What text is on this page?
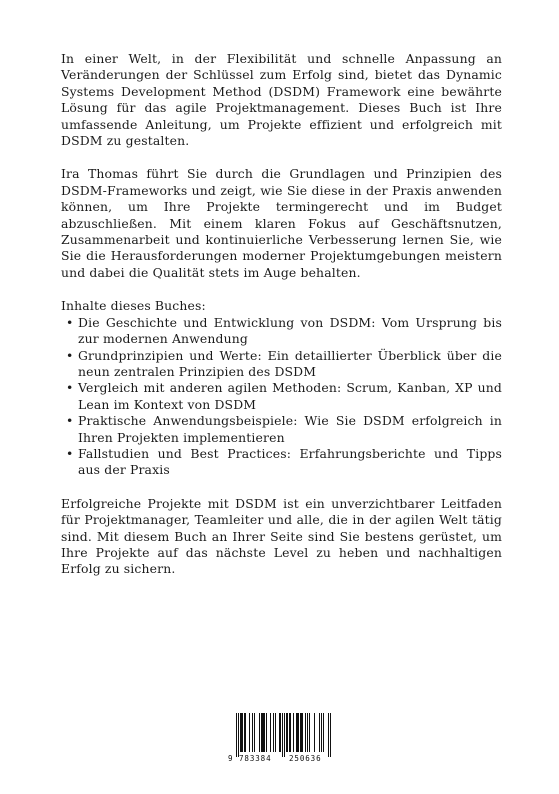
In einer Welt, in der Flexibilität und schnelle Anpassung an Veränderungen der Schlüssel zum Erfolg sind, bietet das Dynamic Systems Development Method (DSDM) Framework eine bewährte Lösung für das agile Projektmanagement. Dieses Buch ist Ihre umfassende Anleitung, um Projekte effizient und erfolgreich mit DSDM zu gestalten.

Ira Thomas führt Sie durch die Grundlagen und Prinzipien des DSDM-Frameworks und zeigt, wie Sie diese in der Praxis anwenden können, um Ihre Projekte termingerecht und im Budget abzuschließen. Mit einem klaren Fokus auf Geschäftsnutzen, Zusammenarbeit und kontinuierliche Verbesserung lernen Sie, wie Sie die Herausforderungen moderner Projektumgebungen meistern und dabei die Qualität stets im Auge behalten.

Inhalte dieses Buches:

• Die Geschichte und Entwicklung von DSDM: Vom Ursprung bis zur modernen Anwendung
• Grundprinzipien und Werte: Ein detaillierter Überblick über die neun zentralen Prinzipien des DSDM
• Vergleich mit anderen agilen Methoden: Scrum, Kanban, XP und Lean im Kontext von DSDM
• Praktische Anwendungsbeispiele: Wie Sie DSDM erfolgreich in Ihren Projekten implementieren
• Fallstudien und Best Practices: Erfahrungsberichte und Tipps aus der Praxis

Erfolgreiche Projekte mit DSDM ist ein unverzichtbarer Leitfaden für Projektmanager, Teamleiter und alle, die in der agilen Welt tätig sind. Mit diesem Buch an Ihrer Seite sind Sie bestens gerüstet, um Ihre Projekte auf das nächste Level zu heben und nachhaltigen Erfolg zu sichern.

9 783384 250636
